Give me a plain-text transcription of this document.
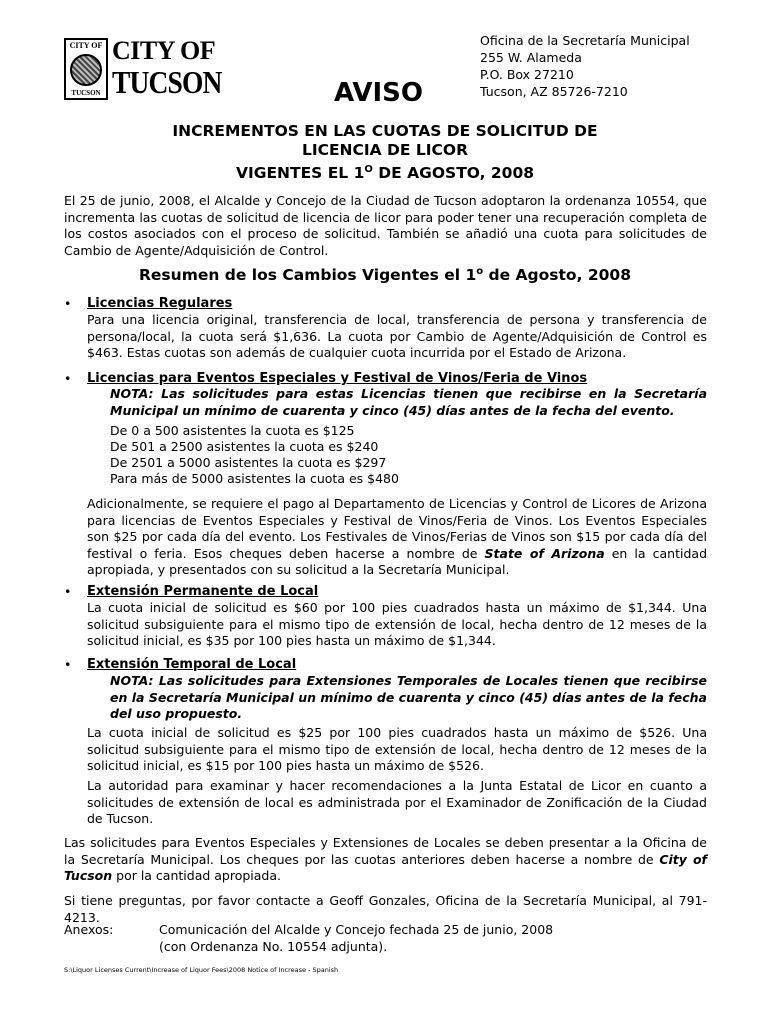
CITY OF
TUCSON
CITY OF
TUCSON	AVISO
Oficina de la Secretaría Municipal
255 W. Alameda
P.O. Box 27210
Tucson, AZ 85726-7210
INCREMENTOS EN LAS CUOTAS DE SOLICITUD DE
LICENCIA DE LICOR
VIGENTES EL $1^O$ DE AGOSTO, 2008
El 25 de junio, 2008, el Alcalde y Concejo de la Ciudad de Tucson adoptaron la ordenanza 10554, que incrementa las cuotas de solicitud de licencia de licor para poder tener una recuperación completa de los costos asociados con el proceso de solicitud. También se añadió una cuota para solicitudes de Cambio de Agente/Adquisición de Control.
Resumen de los Cambios Vigentes el 1$^o$ de Agosto, 2008
• Licencias Regulares
Para una licencia original, transferencia de local, transferencia de persona y transferencia de persona/local, la cuota será $1,636. La cuota por Cambio de Agente/Adquisición de Control es $463. Estas cuotas son además de cualquier cuota incurrida por el Estado de Arizona.
• Licencias para Eventos Especiales y Festival de Vinos/Feria de Vinos
NOTA: Las solicitudes para estas Licencias tienen que recibirse en la Secretaría Municipal un mínimo de cuarenta y cinco (45) días antes de la fecha del evento.
De 0 a 500 asistentes la cuota es $125
De 501 a 2500 asistentes la cuota es $240
De 2501 a 5000 asistentes la cuota es $297
Para más de 5000 asistentes la cuota es $480
Adicionalmente, se requiere el pago al Departamento de Licencias y Control de Licores de Arizona para licencias de Eventos Especiales y Festival de Vinos/Feria de Vinos. Los Eventos Especiales son $25 por cada día del evento. Los Festivales de Vinos/Ferias de Vinos son $15 por cada día del festival o feria. Esos cheques deben hacerse a nombre de State of Arizona en la cantidad apropiada, y presentados con su solicitud a la Secretaría Municipal.
• Extensión Permanente de Local
La cuota inicial de solicitud es $60 por 100 pies cuadrados hasta un máximo de $1,344. Una solicitud subsiguiente para el mismo tipo de extensión de local, hecha dentro de 12 meses de la solicitud inicial, es $35 por 100 pies hasta un máximo de $1,344.
• Extensión Temporal de Local
NOTA: Las solicitudes para Extensiones Temporales de Locales tienen que recibirse en la Secretaría Municipal un mínimo de cuarenta y cinco (45) días antes de la fecha del uso propuesto.
La cuota inicial de solicitud es $25 por 100 pies cuadrados hasta un máximo de $526. Una solicitud subsiguiente para el mismo tipo de extensión de local, hecha dentro de 12 meses de la solicitud inicial, es $15 por 100 pies hasta un máximo de $526.
La autoridad para examinar y hacer recomendaciones a la Junta Estatal de Licor en cuanto a solicitudes de extensión de local es administrada por el Examinador de Zonificación de la Ciudad de Tucson.
Las solicitudes para Eventos Especiales y Extensiones de Locales se deben presentar a la Oficina de la Secretaría Municipal. Los cheques por las cuotas anteriores deben hacerse a nombre de City of Tucson por la cantidad apropiada.
Si tiene preguntas, por favor contacte a Geoff Gonzales, Oficina de la Secretaría Municipal, al 791-4213.
Anexos:	Comunicación del Alcalde y Concejo fechada 25 de junio, 2008
(con Ordenanza No. 10554 adjunta).
S:\Liquor Licenses Current\Increase of Liquor Fees\2008 Notice of Increase - Spanish
